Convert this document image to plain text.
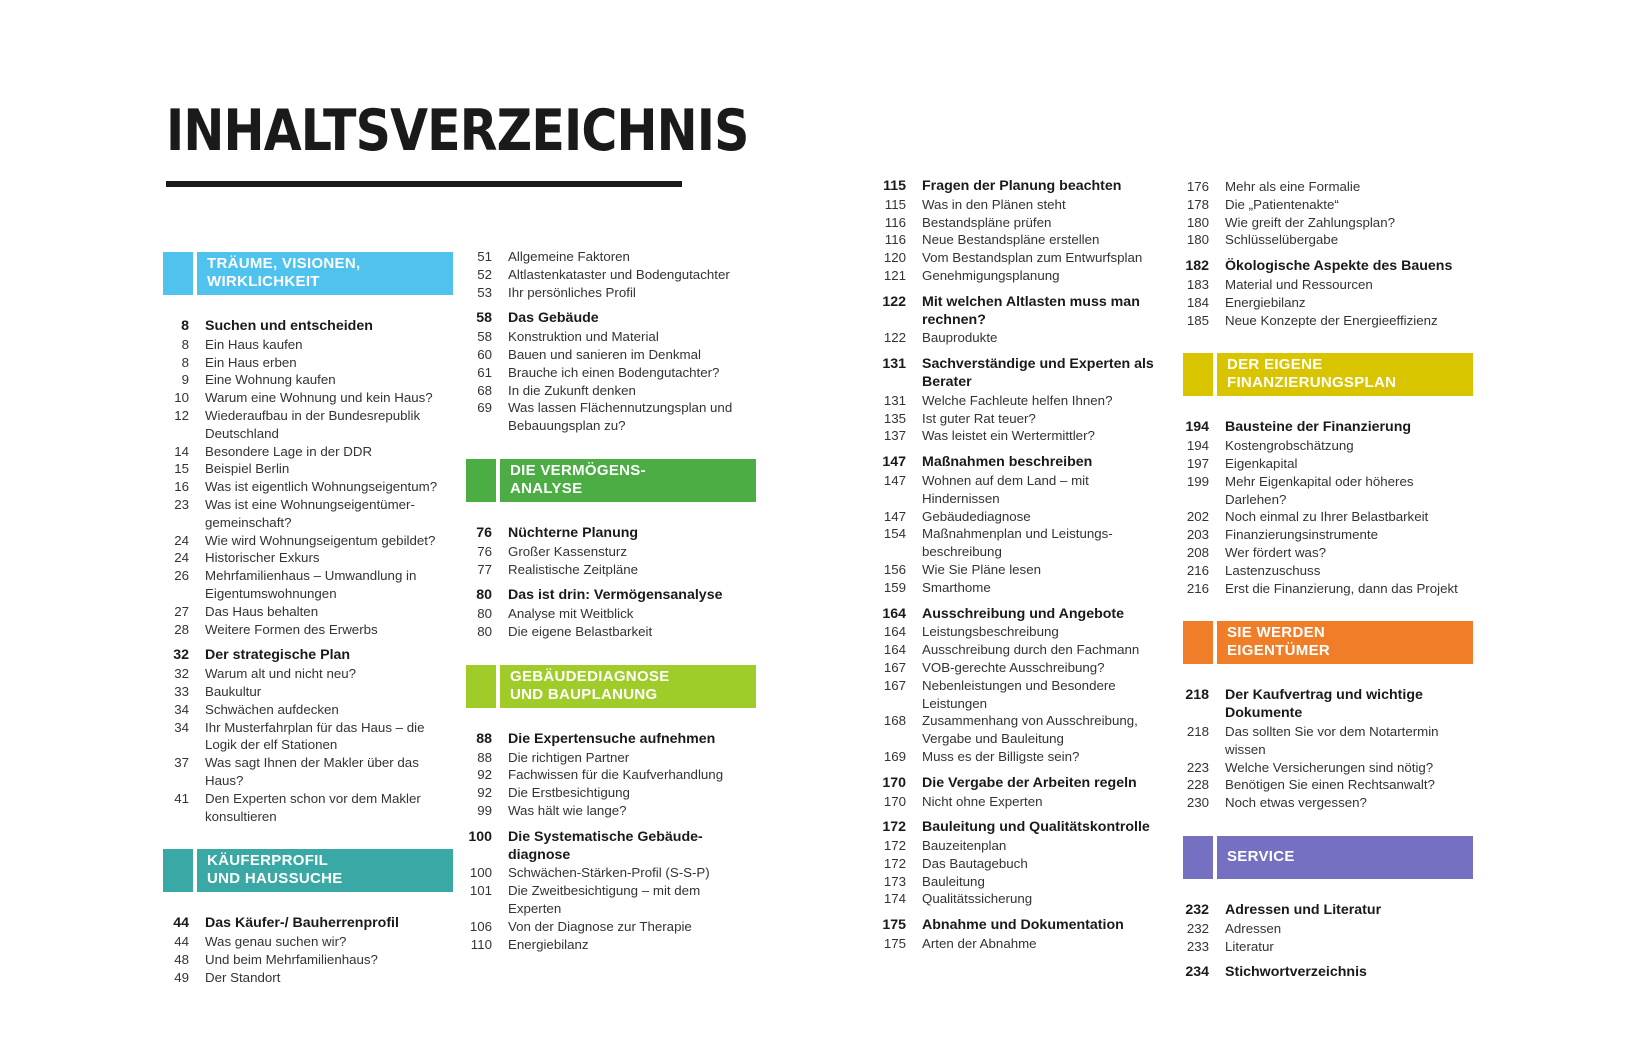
INHALTSVERZEICHNIS
TRÄUME, VISIONEN,
WIRKLICHKEIT
8 Suchen und entscheiden
8 Ein Haus kaufen
8 Ein Haus erben
9 Eine Wohnung kaufen
10 Warum eine Wohnung und kein Haus?
12 Wiederaufbau in der Bundesrepublik Deutschland
14 Besondere Lage in der DDR
15 Beispiel Berlin
16 Was ist eigentlich Wohnungseigentum?
23 Was ist eine Wohnungseigentümer-gemeinschaft?
24 Wie wird Wohnungseigentum gebildet?
24 Historischer Exkurs
26 Mehrfamilienhaus – Umwandlung in Eigentumswohnungen
27 Das Haus behalten
28 Weitere Formen des Erwerbs
32 Der strategische Plan
32 Warum alt und nicht neu?
33 Baukultur
34 Schwächen aufdecken
34 Ihr Musterfahrplan für das Haus – die Logik der elf Stationen
37 Was sagt Ihnen der Makler über das Haus?
41 Den Experten schon vor dem Makler konsultieren
KÄUFERPROFIL
UND HAUSSUCHE
44 Das Käufer-/ Bauherrenprofil
44 Was genau suchen wir?
48 Und beim Mehrfamilienhaus?
49 Der Standort
51 Allgemeine Faktoren
52 Altlastenkataster und Bodengutachter
53 Ihr persönliches Profil
58 Das Gebäude
58 Konstruktion und Material
60 Bauen und sanieren im Denkmal
61 Brauche ich einen Bodengutachter?
68 In die Zukunft denken
69 Was lassen Flächennutzungsplan und Bebauungsplan zu?
DIE VERMÖGENS-
ANALYSE
76 Nüchterne Planung
76 Großer Kassensturz
77 Realistische Zeitpläne
80 Das ist drin: Vermögensanalyse
80 Analyse mit Weitblick
80 Die eigene Belastbarkeit
GEBÄUDEDIAGNOSE
UND BAUPLANUNG
88 Die Expertensuche aufnehmen
88 Die richtigen Partner
92 Fachwissen für die Kaufverhandlung
92 Die Erstbesichtigung
99 Was hält wie lange?
100 Die Systematische Gebäude-diagnose
100 Schwächen-Stärken-Profil (S-S-P)
101 Die Zweitbesichtigung – mit dem Experten
106 Von der Diagnose zur Therapie
110 Energiebilanz
115 Fragen der Planung beachten
115 Was in den Plänen steht
116 Bestandspläne prüfen
116 Neue Bestandspläne erstellen
120 Vom Bestandsplan zum Entwurfsplan
121 Genehmigungsplanung
122 Mit welchen Altlasten muss man rechnen?
122 Bauprodukte
131 Sachverständige und Experten als Berater
131 Welche Fachleute helfen Ihnen?
135 Ist guter Rat teuer?
137 Was leistet ein Wertermittler?
147 Maßnahmen beschreiben
147 Wohnen auf dem Land – mit Hindernissen
147 Gebäudediagnose
154 Maßnahmenplan und Leistungs-beschreibung
156 Wie Sie Pläne lesen
159 Smarthome
164 Ausschreibung und Angebote
164 Leistungsbeschreibung
164 Ausschreibung durch den Fachmann
167 VOB-gerechte Ausschreibung?
167 Nebenleistungen und Besondere Leistungen
168 Zusammenhang von Ausschreibung, Vergabe und Bauleitung
169 Muss es der Billigste sein?
170 Die Vergabe der Arbeiten regeln
170 Nicht ohne Experten
172 Bauleitung und Qualitätskontrolle
172 Bauzeitenplan
172 Das Bautagebuch
173 Bauleitung
174 Qualitätssicherung
175 Abnahme und Dokumentation
175 Arten der Abnahme
176 Mehr als eine Formalie
178 Die „Patientenakte“
180 Wie greift der Zahlungsplan?
180 Schlüsselübergabe
182 Ökologische Aspekte des Bauens
183 Material und Ressourcen
184 Energiebilanz
185 Neue Konzepte der Energieeffizienz
DER EIGENE
FINANZIERUNGSPLAN
194 Bausteine der Finanzierung
194 Kostengrobschätzung
197 Eigenkapital
199 Mehr Eigenkapital oder höheres Darlehen?
202 Noch einmal zu Ihrer Belastbarkeit
203 Finanzierungsinstrumente
208 Wer fördert was?
216 Lastenzuschuss
216 Erst die Finanzierung, dann das Projekt
SIE WERDEN
EIGENTÜMER
218 Der Kaufvertrag und wichtige Dokumente
218 Das sollten Sie vor dem Notartermin wissen
223 Welche Versicherungen sind nötig?
228 Benötigen Sie einen Rechtsanwalt?
230 Noch etwas vergessen?
SERVICE
232 Adressen und Literatur
232 Adressen
233 Literatur
234 Stichwortverzeichnis
